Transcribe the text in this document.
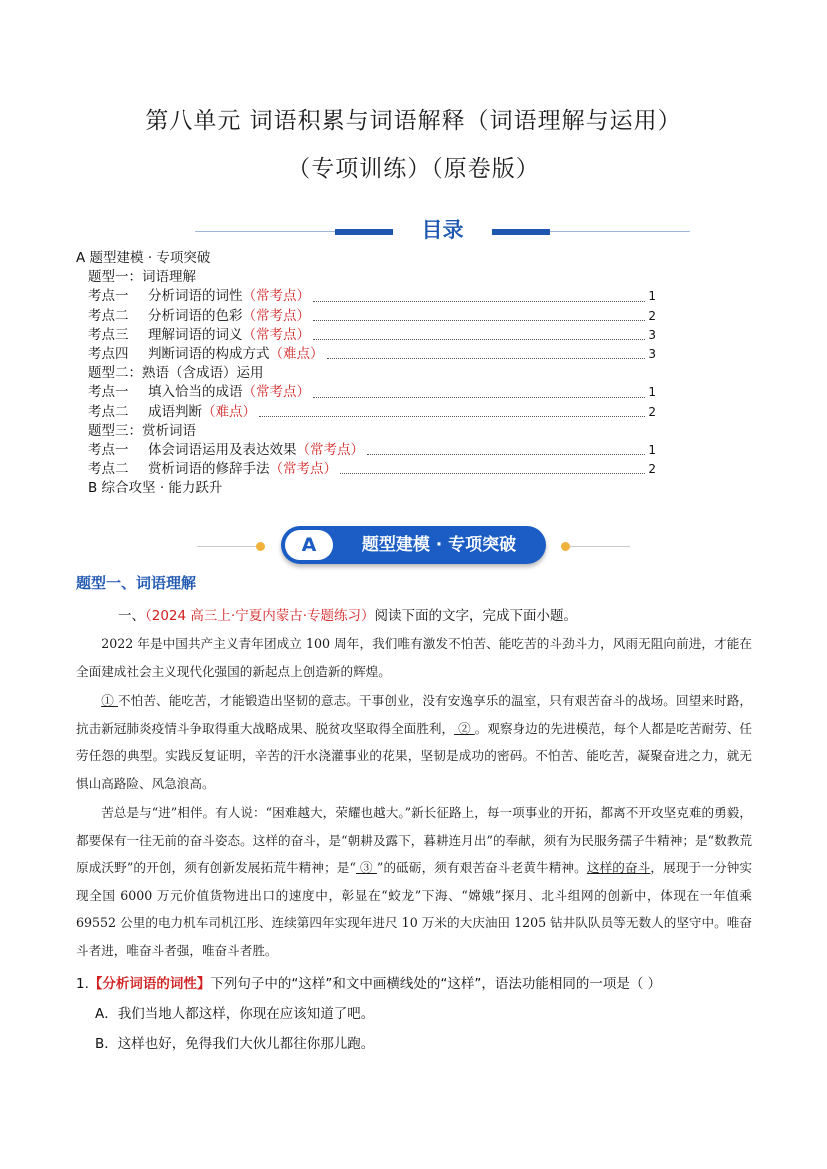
第八单元 词语积累与词语解释（词语理解与运用）
（专项训练）（原卷版）
目录
A 题型建模 · 专项突破
题型一：词语理解
考点一	分析词语的词性 （常考点）	1
考点二	分析词语的色彩 （常考点）	2
考点三	理解词语的词义 （常考点）	3
考点四	判断词语的构成方式 （难点）	3
题型二：熟语（含成语）运用
考点一	填入恰当的成语 （常考点）	1
考点二	成语判断 （难点）	2
题型三：赏析词语
考点一	体会词语运用及表达效果 （常考点）	1
考点二	赏析词语的修辞手法 （常考点）	2
B 综合攻坚 · 能力跃升
A	题型建模 · 专项突破
题型一、词语理解
一、（2024 高三上·宁夏内蒙古·专题练习）阅读下面的文字，完成下面小题。

2022 年是中国共产主义青年团成立 100 周年，我们唯有激发不怕苦、能吃苦的斗劲斗力，风雨无阻向前进，才能在全面建成社会主义现代化强国的新起点上创造新的辉煌。

① 不怕苦、能吃苦，才能锻造出坚韧的意志。干事创业，没有安逸享乐的温室，只有艰苦奋斗的战场。回望来时路，抗击新冠肺炎疫情斗争取得重大战略成果、脱贫攻坚取得全面胜利， ② 。观察身边的先进模范，每个人都是吃苦耐劳、任劳任怨的典型。实践反复证明，辛苦的汗水浇灌事业的花果，坚韧是成功的密码。不怕苦、能吃苦，凝聚奋进之力，就无惧山高路险、风急浪高。

苦总是与“进”相伴。有人说：“困难越大，荣耀也越大。”新长征路上，每一项事业的开拓，都离不开攻坚克难的勇毅，都要保有一往无前的奋斗姿态。这样的奋斗，是“朝耕及露下，暮耕连月出”的奉献，须有为民服务孺子牛精神；是“数教荒原成沃野”的开创，须有创新发展拓荒牛精神；是“ ③ ”的砥砺，须有艰苦奋斗老黄牛精神。这样的奋斗，展现于一分钟实现全国 6000 万元价值货物进出口的速度中，彰显在“蛟龙”下海、“嫦娥”探月、北斗组网的创新中，体现在一年值乘 69552 公里的电力机车司机江彤、连续第四年实现年进尺 10 万米的大庆油田 1205 钻井队队员等无数人的坚守中。唯奋斗者进，唯奋斗者强，唯奋斗者胜。

1.【分析词语的词性】下列句子中的“这样”和文中画横线处的“这样”，语法功能相同的一项是（ ）
A．我们当地人都这样，你现在应该知道了吧。
B．这样也好，免得我们大伙儿都往你那儿跑。
